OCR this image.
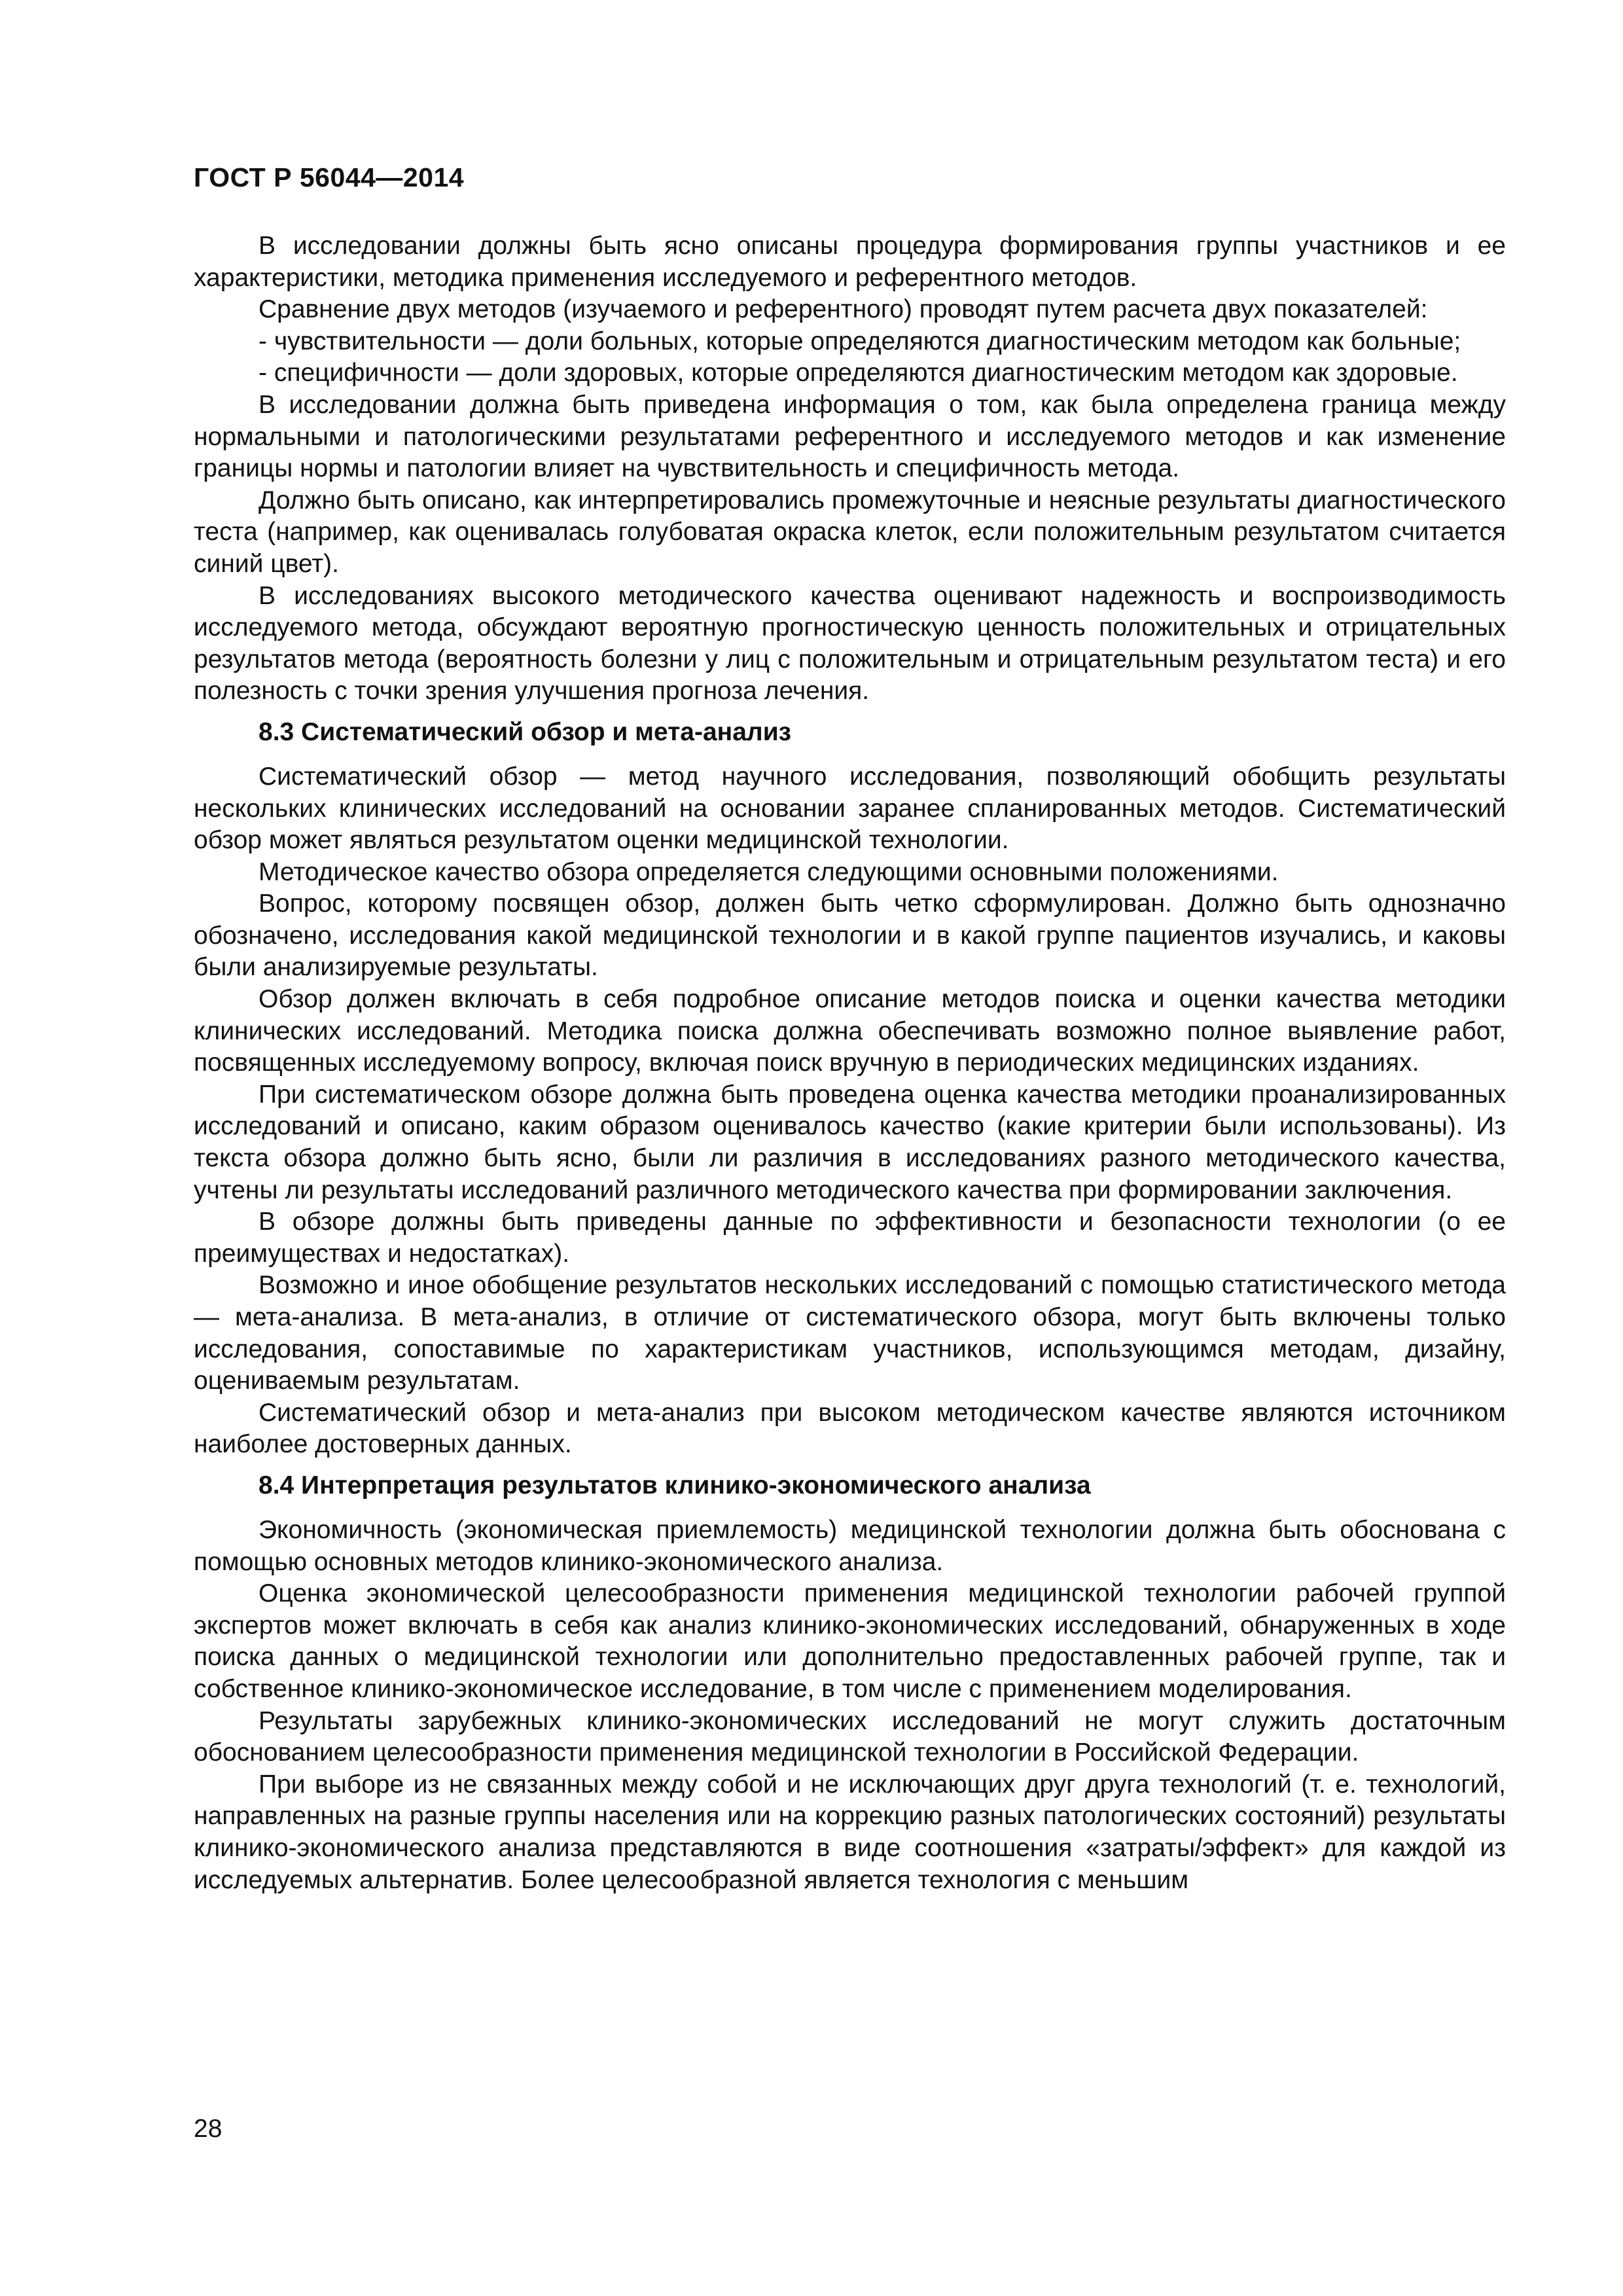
ГОСТ Р 56044—2014

В исследовании должны быть ясно описаны процедура формирования группы участников и ее характеристики, методика применения исследуемого и референтного методов.

Сравнение двух методов (изучаемого и референтного) проводят путем расчета двух показателей:

- чувствительности — доли больных, которые определяются диагностическим методом как больные;

- специфичности — доли здоровых, которые определяются диагностическим методом как здоровые.

В исследовании должна быть приведена информация о том, как была определена граница между нормальными и патологическими результатами референтного и исследуемого методов и как изменение границы нормы и патологии влияет на чувствительность и специфичность метода.

Должно быть описано, как интерпретировались промежуточные и неясные результаты диагностического теста (например, как оценивалась голубоватая окраска клеток, если положительным результатом считается синий цвет).

В исследованиях высокого методического качества оценивают надежность и воспроизводимость исследуемого метода, обсуждают вероятную прогностическую ценность положительных и отрицательных результатов метода (вероятность болезни у лиц с положительным и отрицательным результатом теста) и его полезность с точки зрения улучшения прогноза лечения.

8.3 Систематический обзор и мета-анализ

Систематический обзор — метод научного исследования, позволяющий обобщить результаты нескольких клинических исследований на основании заранее спланированных методов. Систематический обзор может являться результатом оценки медицинской технологии.

Методическое качество обзора определяется следующими основными положениями.

Вопрос, которому посвящен обзор, должен быть четко сформулирован. Должно быть однозначно обозначено, исследования какой медицинской технологии и в какой группе пациентов изучались, и каковы были анализируемые результаты.

Обзор должен включать в себя подробное описание методов поиска и оценки качества методики клинических исследований. Методика поиска должна обеспечивать возможно полное выявление работ, посвященных исследуемому вопросу, включая поиск вручную в периодических медицинских изданиях.

При систематическом обзоре должна быть проведена оценка качества методики проанализированных исследований и описано, каким образом оценивалось качество (какие критерии были использованы). Из текста обзора должно быть ясно, были ли различия в исследованиях разного методического качества, учтены ли результаты исследований различного методического качества при формировании заключения.

В обзоре должны быть приведены данные по эффективности и безопасности технологии (о ее преимуществах и недостатках).

Возможно и иное обобщение результатов нескольких исследований с помощью статистического метода — мета-анализа. В мета-анализ, в отличие от систематического обзора, могут быть включены только исследования, сопоставимые по характеристикам участников, использующимся методам, дизайну, оцениваемым результатам.

Систематический обзор и мета-анализ при высоком методическом качестве являются источником наиболее достоверных данных.

8.4 Интерпретация результатов клинико-экономического анализа

Экономичность (экономическая приемлемость) медицинской технологии должна быть обоснована с помощью основных методов клинико-экономического анализа.

Оценка экономической целесообразности применения медицинской технологии рабочей группой экспертов может включать в себя как анализ клинико-экономических исследований, обнаруженных в ходе поиска данных о медицинской технологии или дополнительно предоставленных рабочей группе, так и собственное клинико-экономическое исследование, в том числе с применением моделирования.

Результаты зарубежных клинико-экономических исследований не могут служить достаточным обоснованием целесообразности применения медицинской технологии в Российской Федерации.

При выборе из не связанных между собой и не исключающих друг друга технологий (т. е. технологий, направленных на разные группы населения или на коррекцию разных патологических состояний) результаты клинико-экономического анализа представляются в виде соотношения «затраты/эффект» для каждой из исследуемых альтернатив. Более целесообразной является технология с меньшим

28
